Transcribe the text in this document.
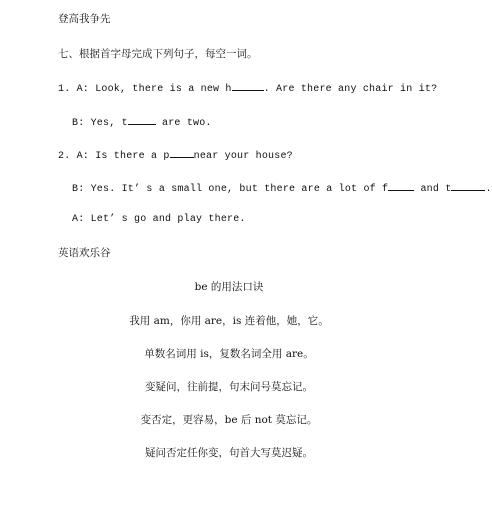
登高我争先
七、根据首字母完成下列句子，每空一词。
1. A: Look, there is a new h	. Are there any chair in it?
B: Yes, t	are two.
2. A: Is there a p near your house?
B: Yes. It’ s a small one, but there are a lot of f	and t	.
A: Let’ s go and play there.
英语欢乐谷
be 的用法口诀
我用 am，你用 are，is 连着他，她，它。
单数名词用 is，复数名词全用 are。
变疑问，往前提，句末问号莫忘记。
变否定，更容易，be 后 not 莫忘记。
疑问否定任你变，句首大写莫迟疑。
